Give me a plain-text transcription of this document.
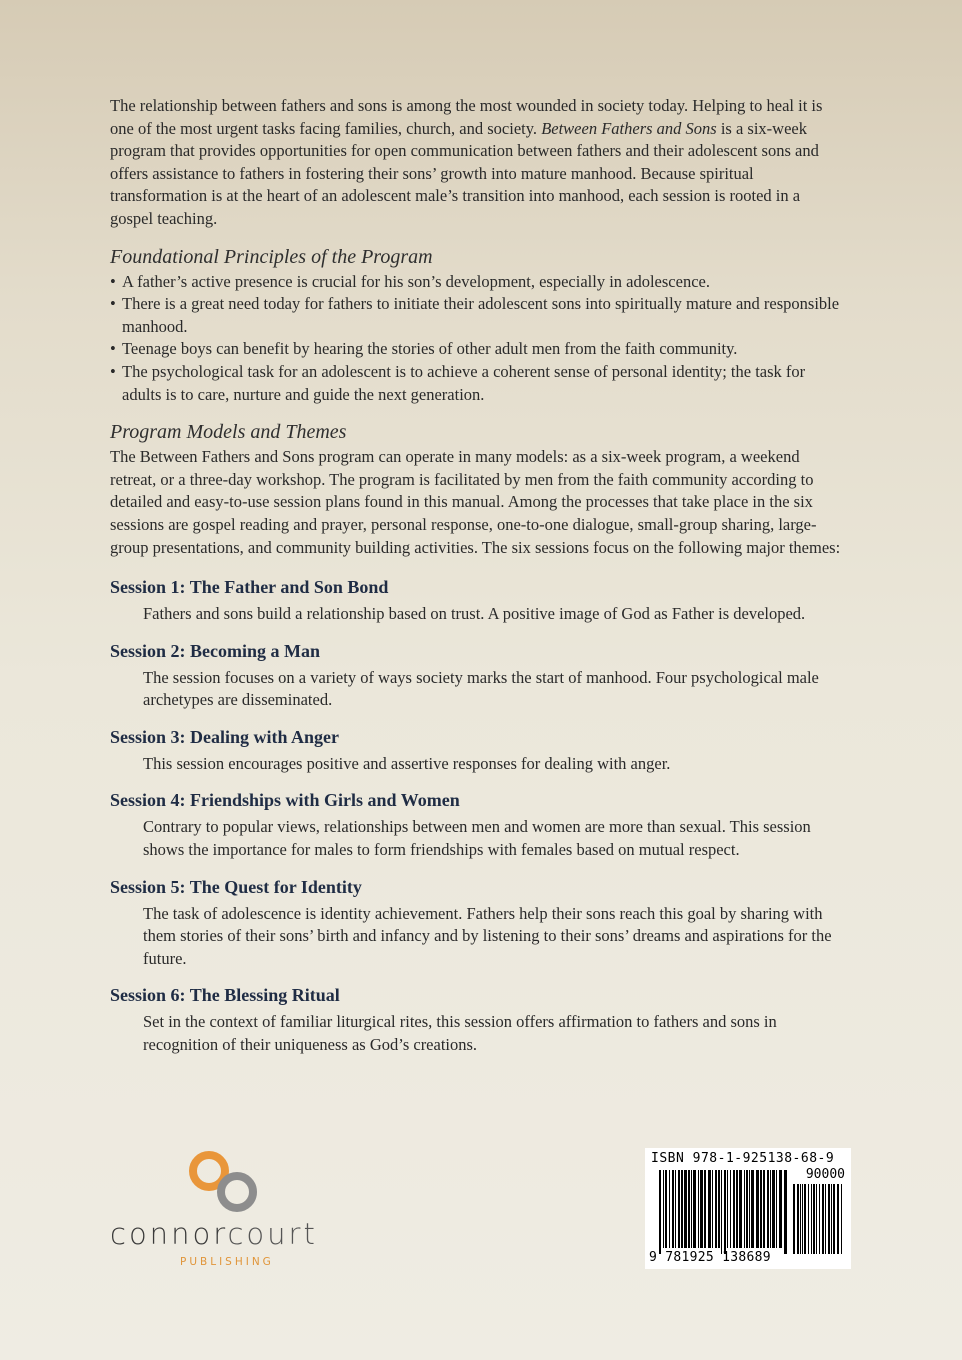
The relationship between fathers and sons is among the most wounded in society today. Helping to heal it is one of the most urgent tasks facing families, church, and society. Between Fathers and Sons is a six-week program that provides opportunities for open communication between fathers and their adolescent sons and offers assistance to fathers in fostering their sons’ growth into mature manhood. Because spiritual transformation is at the heart of an adolescent male’s transition into manhood, each session is rooted in a gospel teaching.

Foundational Principles of the Program
• A father’s active presence is crucial for his son’s development, especially in adolescence.
• There is a great need today for fathers to initiate their adolescent sons into spiritually mature and responsible manhood.
• Teenage boys can benefit by hearing the stories of other adult men from the faith community.
• The psychological task for an adolescent is to achieve a coherent sense of personal identity; the task for adults is to care, nurture and guide the next generation.
Program Models and Themes

The Between Fathers and Sons program can operate in many models: as a six-week program, a weekend retreat, or a three-day workshop. The program is facilitated by men from the faith community according to detailed and easy-to-use session plans found in this manual. Among the processes that take place in the six sessions are gospel reading and prayer, personal response, one-to-one dialogue, small-group sharing, large-group presentations, and community building activities. The six sessions focus on the following major themes:

Session 1: The Father and Son Bond

Fathers and sons build a relationship based on trust. A positive image of God as Father is developed.

Session 2: Becoming a Man

The session focuses on a variety of ways society marks the start of manhood. Four psychological male archetypes are disseminated.

Session 3: Dealing with Anger

This session encourages positive and assertive responses for dealing with anger.

Session 4: Friendships with Girls and Women

Contrary to popular views, relationships between men and women are more than sexual. This session shows the importance for males to form friendships with females based on mutual respect.

Session 5: The Quest for Identity

The task of adolescence is identity achievement. Fathers help their sons reach this goal by sharing with them stories of their sons’ birth and infancy and by listening to their sons’ dreams and aspirations for the future.

Session 6: The Blessing Ritual

Set in the context of familiar liturgical rites, this session offers affirmation to fathers and sons in recognition of their uniqueness as God’s creations.

connorcourt
PUBLISHING
ISBN 978-1-925138-68-9
90000
9 781925 138689
